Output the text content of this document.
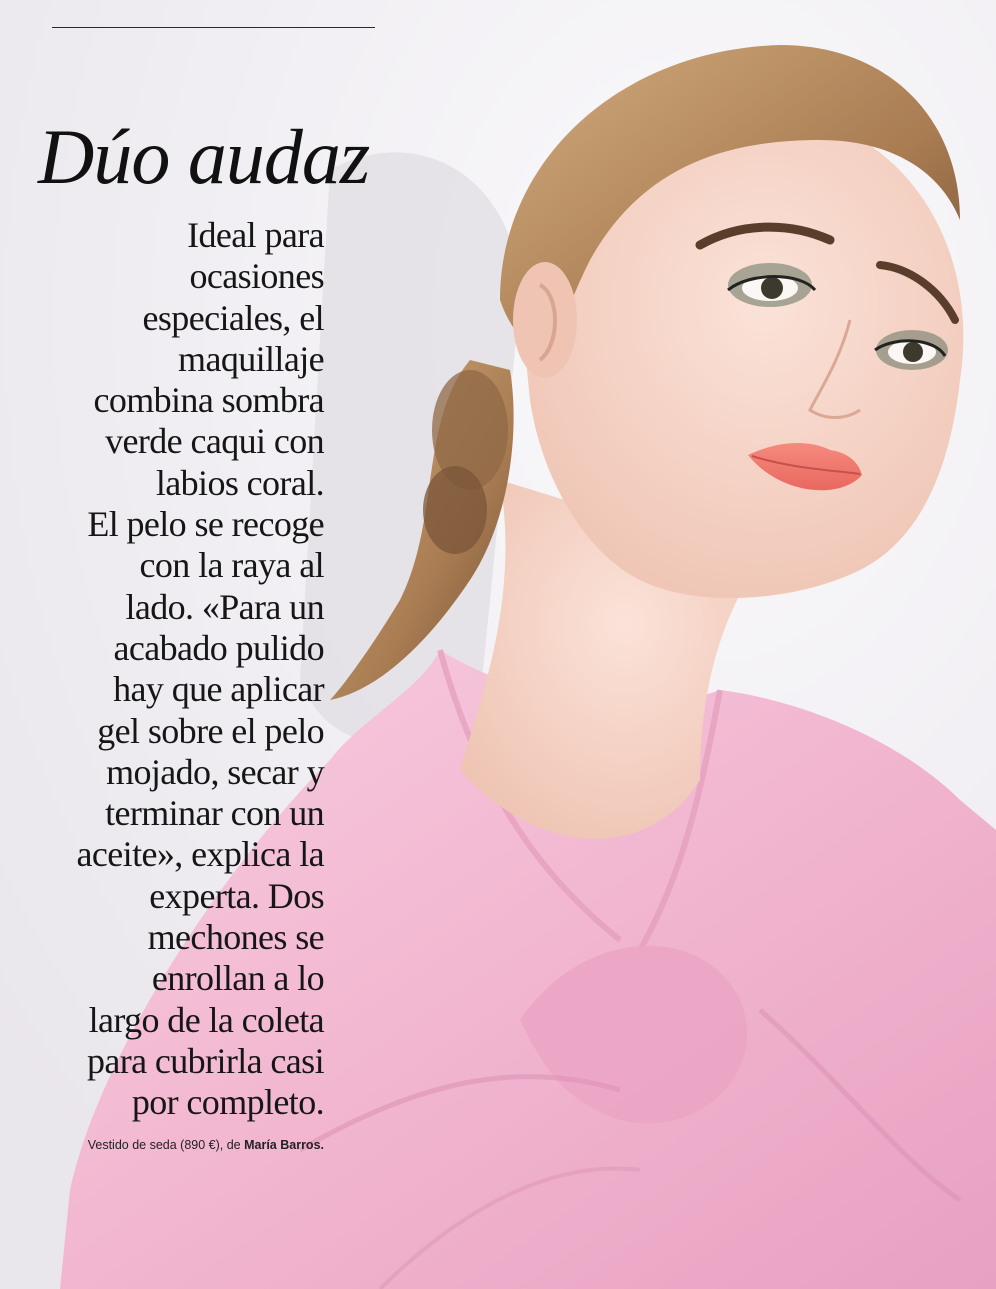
Dúo audaz
Ideal para
ocasiones
especiales, el
maquillaje
combina sombra
verde caqui con
labios coral.
El pelo se recoge
con la raya al
lado. «Para un
acabado pulido
hay que aplicar
gel sobre el pelo
mojado, secar y
terminar con un
aceite», explica la
experta. Dos
mechones se
enrollan a lo
largo de la coleta
para cubrirla casi
por completo.
Vestido de seda (890 €), de María Barros.
